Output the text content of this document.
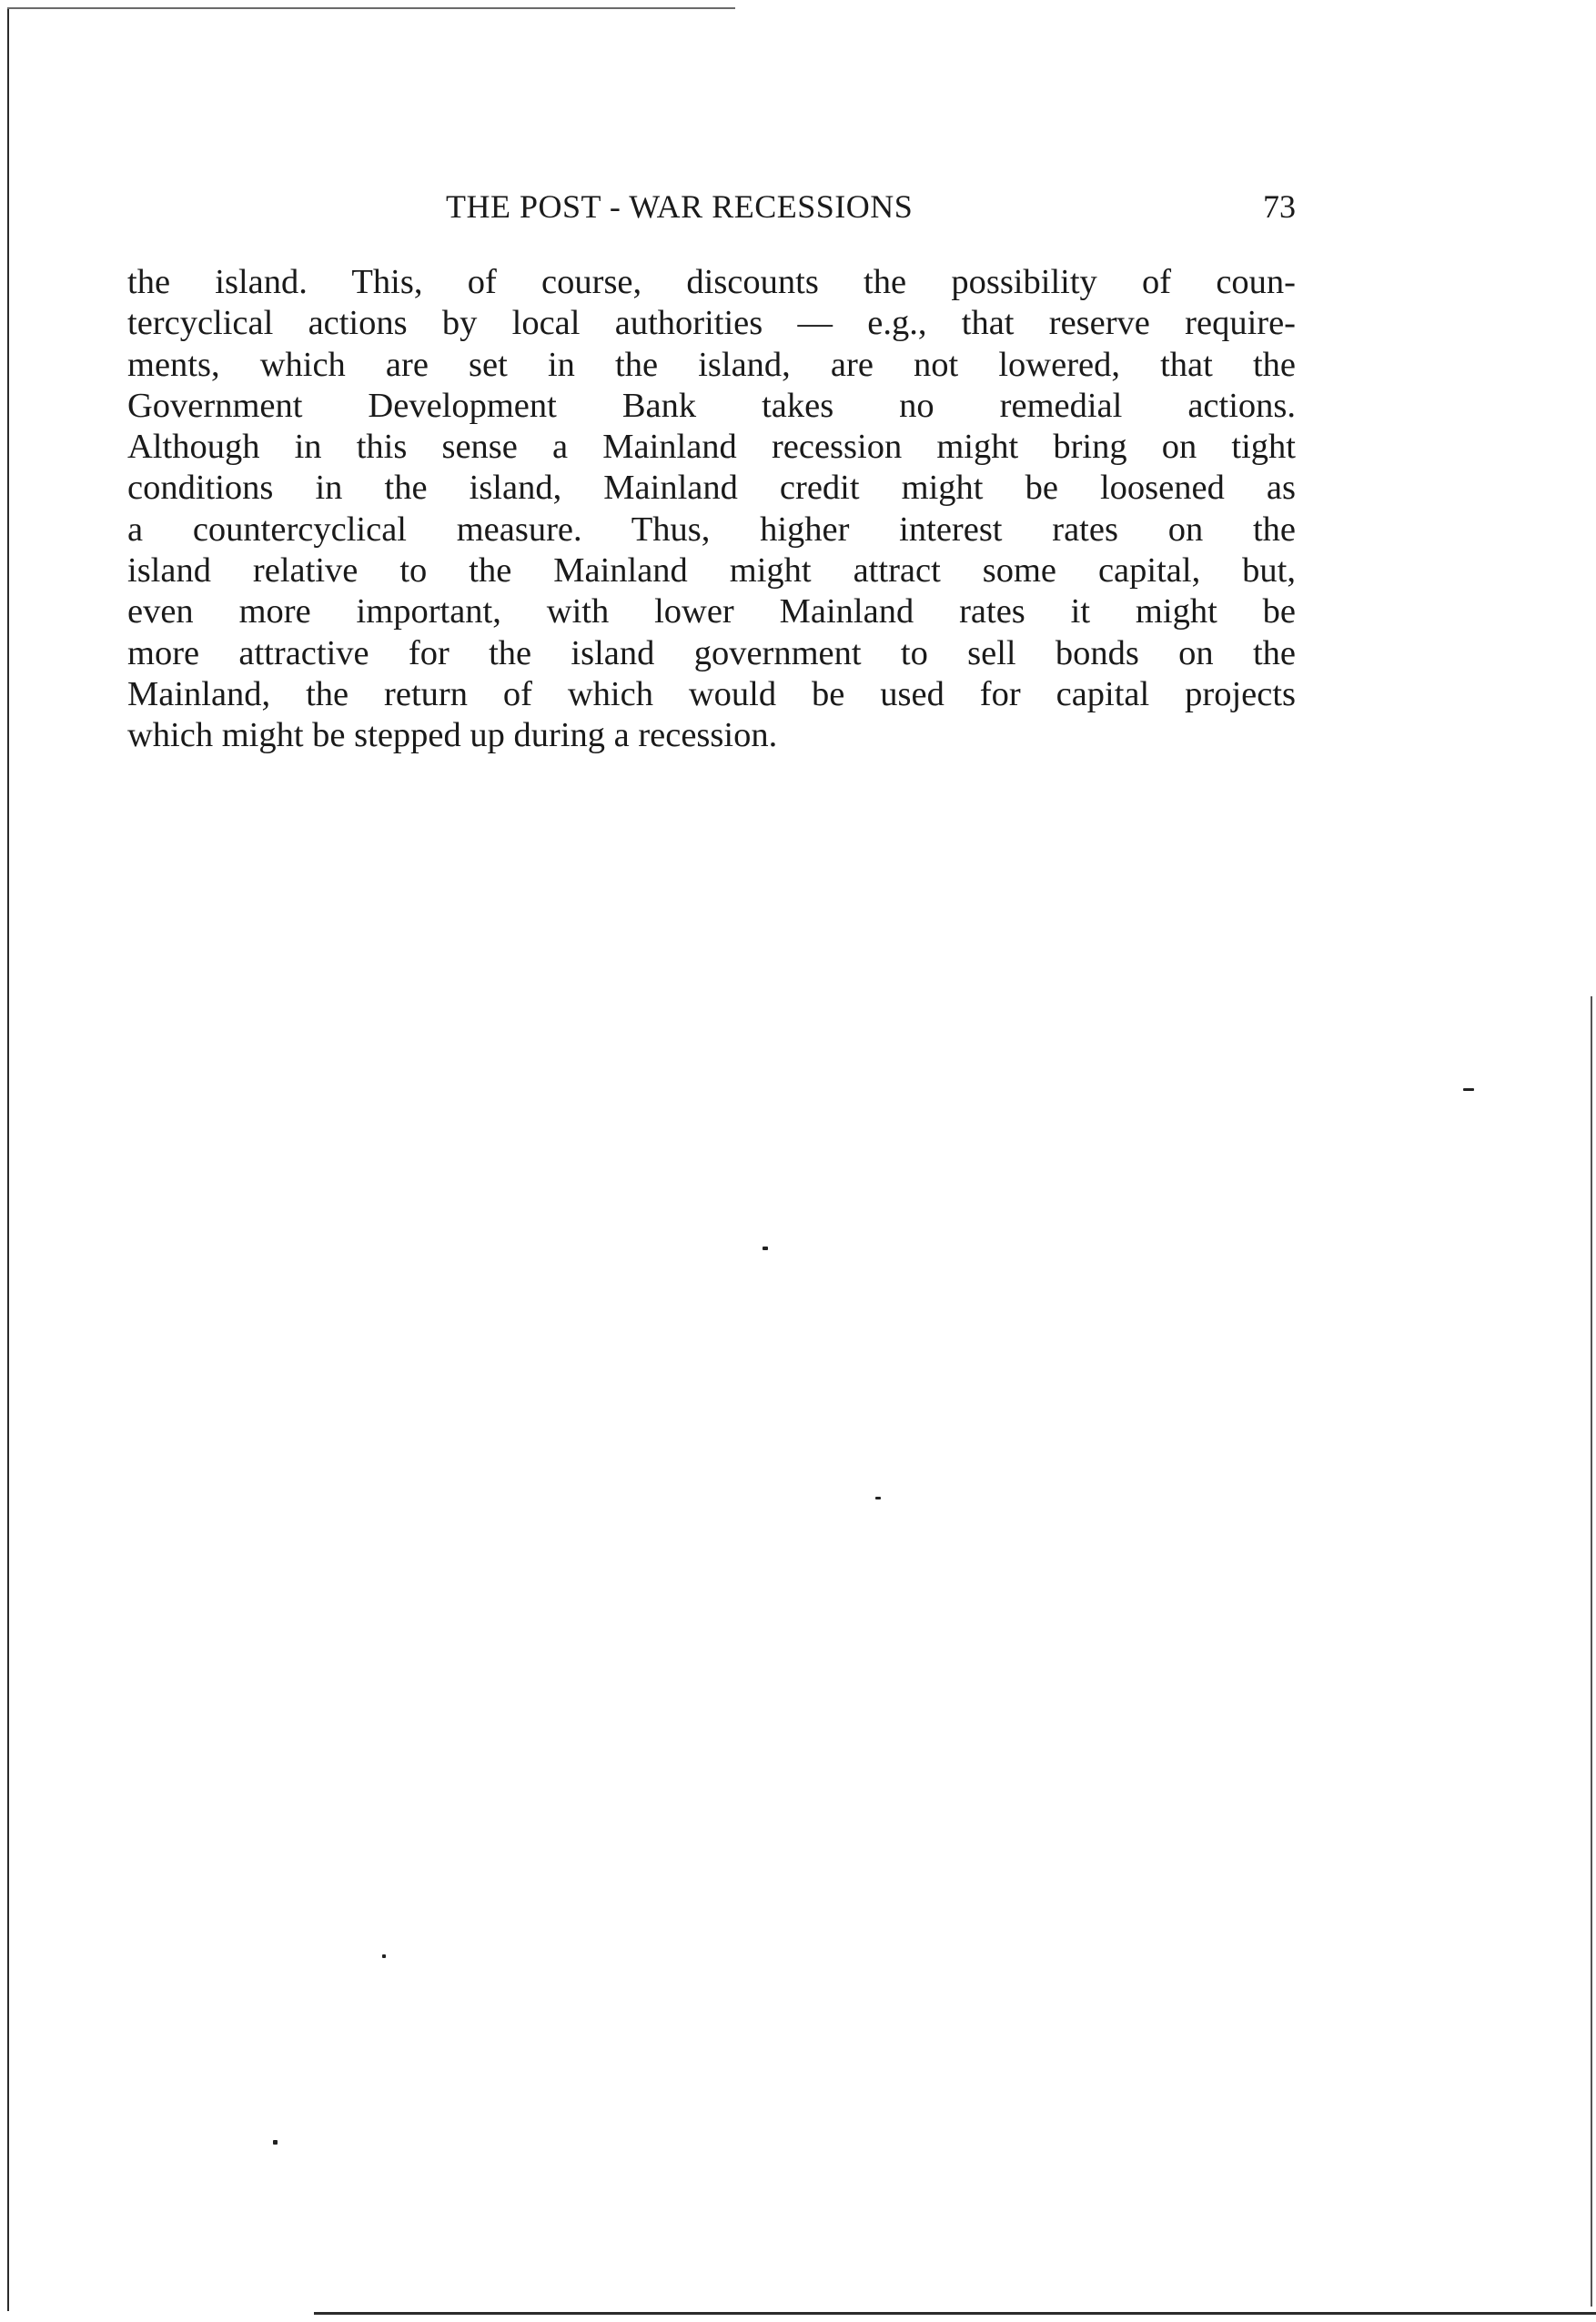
THE POST - WAR RECESSIONS	73
the island. This, of course, discounts the possibility of coun-
tercyclical actions by local authorities — e.g., that reserve require-
ments, which are set in the island, are not lowered, that the
Government Development Bank takes no remedial actions.
Although in this sense a Mainland recession might bring on tight
conditions in the island, Mainland credit might be loosened as
a countercyclical measure. Thus, higher interest rates on the
island relative to the Mainland might attract some capital, but,
even more important, with lower Mainland rates it might be
more attractive for the island government to sell bonds on the
Mainland, the return of which would be used for capital projects
which might be stepped up during a recession.
